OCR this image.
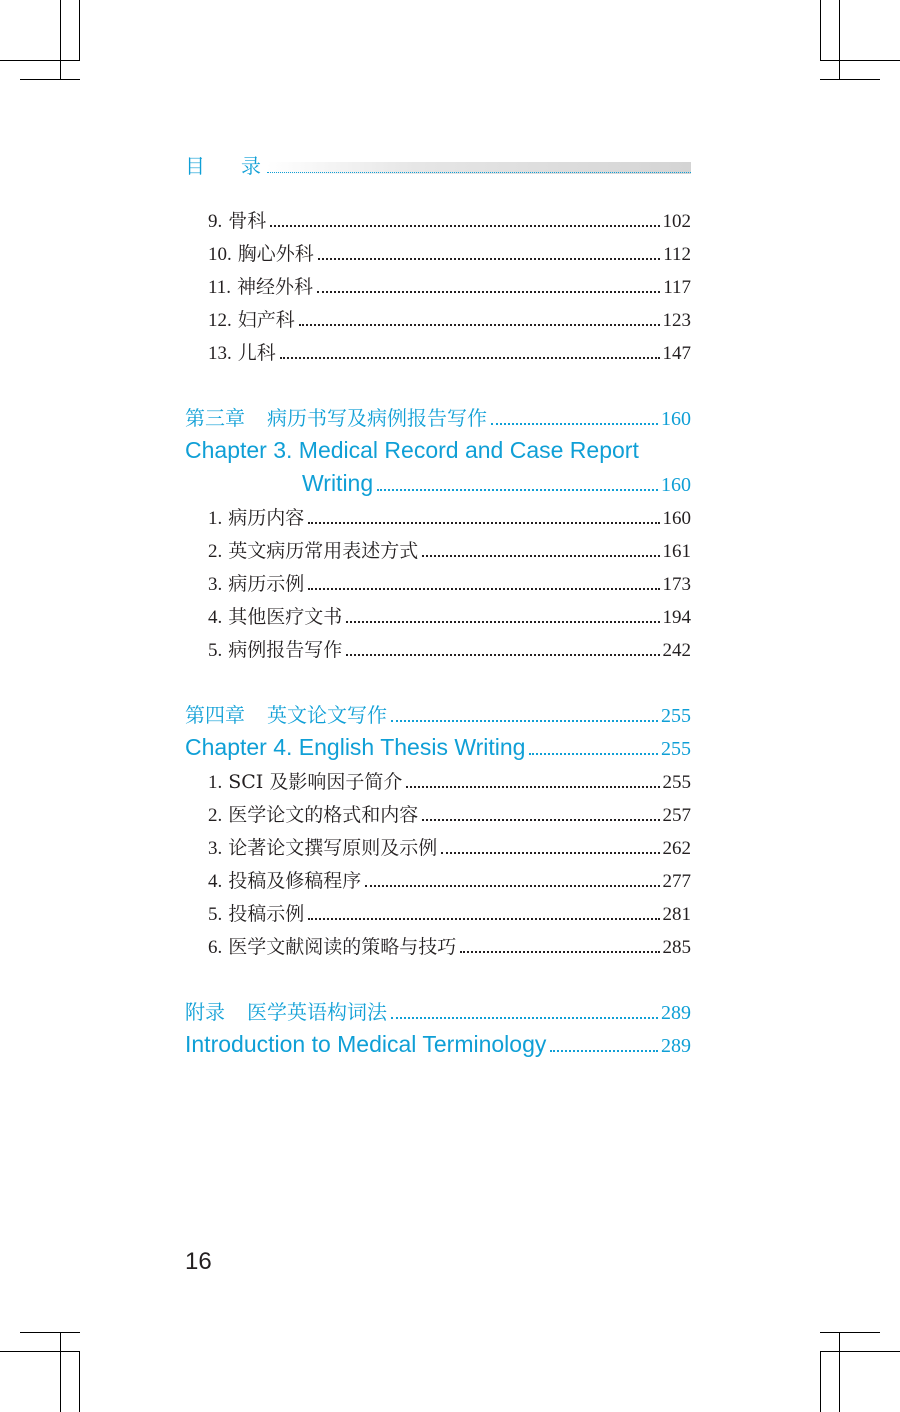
目 录
9. 骨科	102
10. 胸心外科	112
11. 神经外科	117
12. 妇产科	123
13. 儿科	147
第三章 病历书写及病例报告写作	160
Chapter 3. Medical Record and Case Report
Writing	160
1. 病历内容	160
2. 英文病历常用表述方式	161
3. 病历示例	173
4. 其他医疗文书	194
5. 病例报告写作	242
第四章 英文论文写作	255
Chapter 4. English Thesis Writing	255
1. SCI 及影响因子简介	255
2. 医学论文的格式和内容	257
3. 论著论文撰写原则及示例	262
4. 投稿及修稿程序	277
5. 投稿示例	281
6. 医学文献阅读的策略与技巧	285
附录 医学英语构词法	289
Introduction to Medical Terminology	289
16
